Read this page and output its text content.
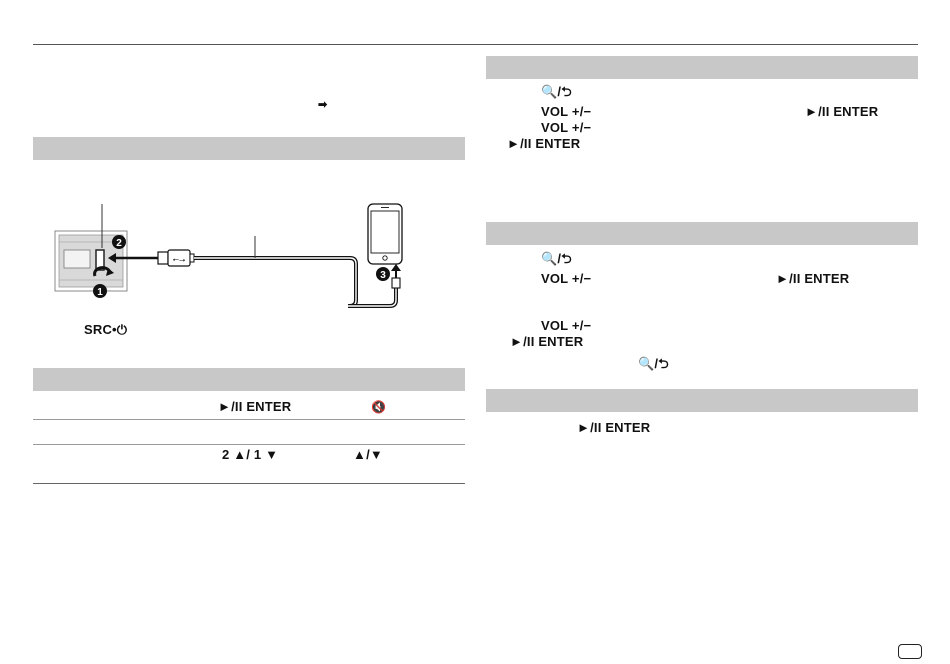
➡
2
1
⭠⭢
3
SRC•⏻
►/II ENTER	🔇
2 ▲/ 1 ▼	▲/▼
🔍/⮌
VOL +/−	►/II ENTER
VOL +/−
►/II ENTER
🔍/⮌
VOL +/−	►/II ENTER
VOL +/−
►/II ENTER
🔍/⮌
►/II ENTER
